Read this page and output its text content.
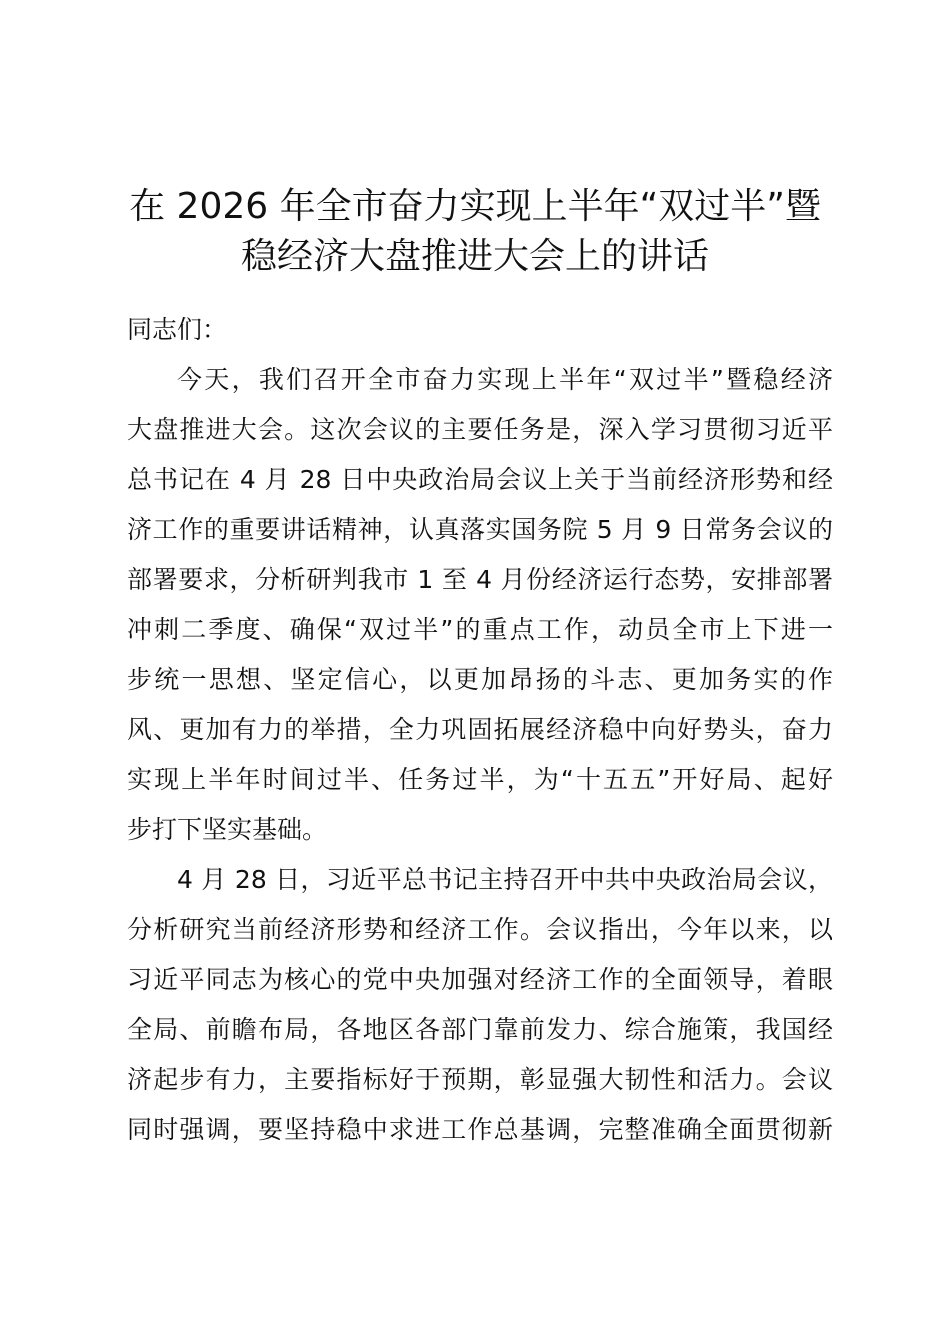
在 2026 年全市奋力实现上半年“双过半”暨
稳经济大盘推进大会上的讲话
同志们：
今天，我们召开全市奋力实现上半年“双过半”暨稳经济
大盘推进大会。这次会议的主要任务是，深入学习贯彻习近平
总书记在 4 月 28 日中央政治局会议上关于当前经济形势和经
济工作的重要讲话精神，认真落实国务院 5 月 9 日常务会议的
部署要求，分析研判我市 1 至 4 月份经济运行态势，安排部署
冲刺二季度、确保“双过半”的重点工作，动员全市上下进一
步统一思想、坚定信心，以更加昂扬的斗志、更加务实的作
风、更加有力的举措，全力巩固拓展经济稳中向好势头，奋力
实现上半年时间过半、任务过半，为“十五五”开好局、起好
步打下坚实基础。
4 月 28 日，习近平总书记主持召开中共中央政治局会议，
分析研究当前经济形势和经济工作。会议指出，今年以来，以
习近平同志为核心的党中央加强对经济工作的全面领导，着眼
全局、前瞻布局，各地区各部门靠前发力、综合施策，我国经
济起步有力，主要指标好于预期，彰显强大韧性和活力。会议
同时强调，要坚持稳中求进工作总基调，完整准确全面贯彻新
